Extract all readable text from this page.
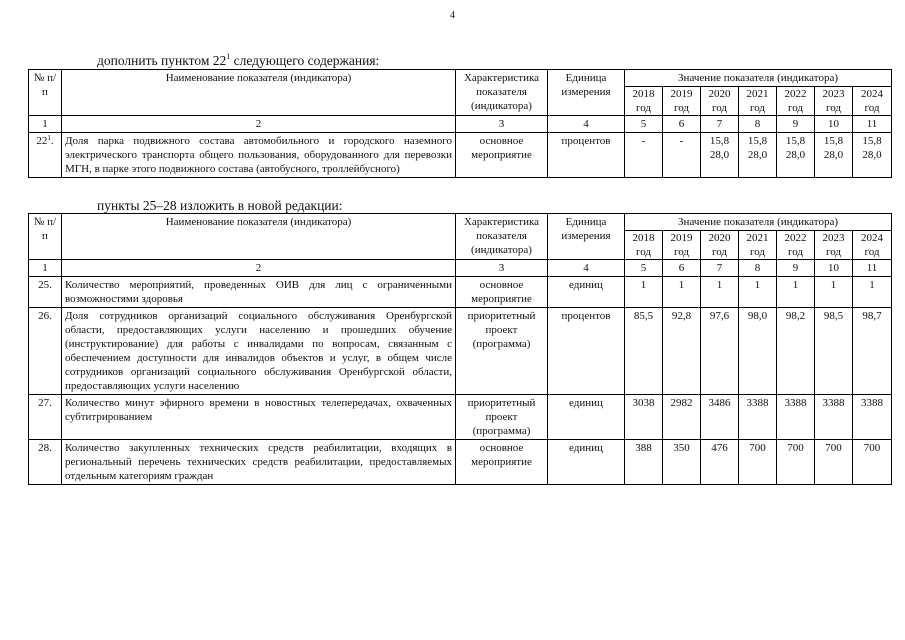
4
дополнить пунктом $22^1$ следующего содержания:
№ п/п	Наименование показателя (индикатора)	Характеристика показателя (индикатора)	Единица измерения	Значение показателя (индикатора)						
				2018 год	2019 год	2020 год	2021 год	2022 год	2023 год	2024 год
1	2	3	4	5	6	7	8	9	10	11
$22^1$.	Доля парка подвижного состава автомобильного и городского наземного электрического транспорта общего пользования, оборудованного для перевозки МГН, в парке этого подвижного состава (автобусного, троллейбусного)	основное мероприятие	процентов	-	-	15,8 28,0	15,8 28,0	15,8 28,0	15,8 28,0	15,8 28,0
пункты 25–28 изложить в новой редакции:
№ п/п	Наименование показателя (индикатора)	Характеристика показателя (индикатора)	Единица измерения	Значение показателя (индикатора)						
				2018 год	2019 год	2020 год	2021 год	2022 год	2023 год	2024 год
1	2	3	4	5	6	7	8	9	10	11
25.	Количество мероприятий, проведенных ОИВ для лиц с ограниченными возможностями здоровья	основное мероприятие	единиц	1	1	1	1	1	1	1
26.	Доля сотрудников организаций социального обслуживания Оренбургской области, предоставляющих услуги населению и прошедших обучение (инструктирование) для работы с инвалидами по вопросам, связанным с обеспечением доступности для инвалидов объектов и услуг, в общем числе сотрудников организаций социального обслуживания Оренбургской области, предоставляющих услуги населению	приоритетный проект (программа)	процентов	85,5	92,8	97,6	98,0	98,2	98,5	98,7
27.	Количество минут эфирного времени в новостных телепередачах, охваченных субтитрированием	приоритетный проект (программа)	единиц	3038	2982	3486	3388	3388	3388	3388
28.	Количество закупленных технических средств реабилитации, входящих в региональный перечень технических средств реабилитации, предоставляемых отдельным категориям граждан	основное мероприятие	единиц	388	350	476	700	700	700	700
